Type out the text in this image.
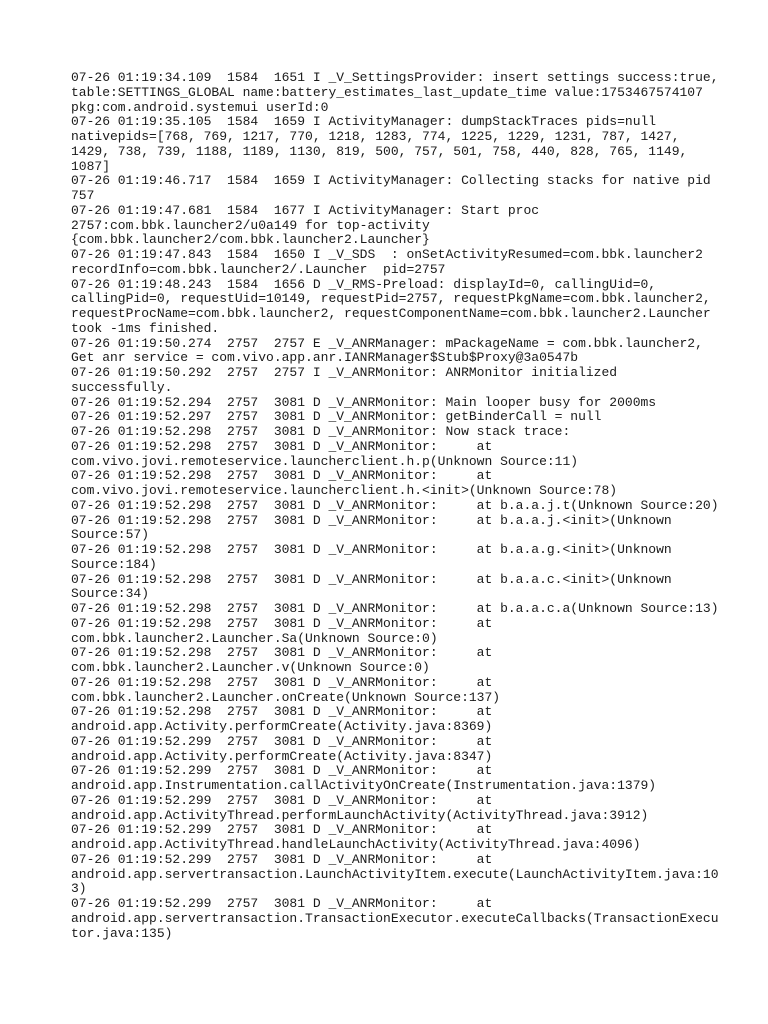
07-26 01:19:34.109  1584  1651 I _V_SettingsProvider: insert settings success:true,
table:SETTINGS_GLOBAL name:battery_estimates_last_update_time value:1753467574107
pkg:com.android.systemui userId:0
07-26 01:19:35.105  1584  1659 I ActivityManager: dumpStackTraces pids=null
nativepids=[768, 769, 1217, 770, 1218, 1283, 774, 1225, 1229, 1231, 787, 1427,
1429, 738, 739, 1188, 1189, 1130, 819, 500, 757, 501, 758, 440, 828, 765, 1149,
1087]
07-26 01:19:46.717  1584  1659 I ActivityManager: Collecting stacks for native pid
757
07-26 01:19:47.681  1584  1677 I ActivityManager: Start proc
2757:com.bbk.launcher2/u0a149 for top-activity
{com.bbk.launcher2/com.bbk.launcher2.Launcher}
07-26 01:19:47.843  1584  1650 I _V_SDS  : onSetActivityResumed=com.bbk.launcher2
recordInfo=com.bbk.launcher2/.Launcher  pid=2757
07-26 01:19:48.243  1584  1656 D _V_RMS-Preload: displayId=0, callingUid=0,
callingPid=0, requestUid=10149, requestPid=2757, requestPkgName=com.bbk.launcher2,
requestProcName=com.bbk.launcher2, requestComponentName=com.bbk.launcher2.Launcher
took -1ms finished.
07-26 01:19:50.274  2757  2757 E _V_ANRManager: mPackageName = com.bbk.launcher2,
Get anr service = com.vivo.app.anr.IANRManager$Stub$Proxy@3a0547b
07-26 01:19:50.292  2757  2757 I _V_ANRMonitor: ANRMonitor initialized
successfully.
07-26 01:19:52.294  2757  3081 D _V_ANRMonitor: Main looper busy for 2000ms
07-26 01:19:52.297  2757  3081 D _V_ANRMonitor: getBinderCall = null
07-26 01:19:52.298  2757  3081 D _V_ANRMonitor: Now stack trace:
07-26 01:19:52.298  2757  3081 D _V_ANRMonitor:     at
com.vivo.jovi.remoteservice.launcherclient.h.p(Unknown Source:11)
07-26 01:19:52.298  2757  3081 D _V_ANRMonitor:     at
com.vivo.jovi.remoteservice.launcherclient.h.<init>(Unknown Source:78)
07-26 01:19:52.298  2757  3081 D _V_ANRMonitor:     at b.a.a.j.t(Unknown Source:20)
07-26 01:19:52.298  2757  3081 D _V_ANRMonitor:     at b.a.a.j.<init>(Unknown
Source:57)
07-26 01:19:52.298  2757  3081 D _V_ANRMonitor:     at b.a.a.g.<init>(Unknown
Source:184)
07-26 01:19:52.298  2757  3081 D _V_ANRMonitor:     at b.a.a.c.<init>(Unknown
Source:34)
07-26 01:19:52.298  2757  3081 D _V_ANRMonitor:     at b.a.a.c.a(Unknown Source:13)
07-26 01:19:52.298  2757  3081 D _V_ANRMonitor:     at
com.bbk.launcher2.Launcher.Sa(Unknown Source:0)
07-26 01:19:52.298  2757  3081 D _V_ANRMonitor:     at
com.bbk.launcher2.Launcher.v(Unknown Source:0)
07-26 01:19:52.298  2757  3081 D _V_ANRMonitor:     at
com.bbk.launcher2.Launcher.onCreate(Unknown Source:137)
07-26 01:19:52.298  2757  3081 D _V_ANRMonitor:     at
android.app.Activity.performCreate(Activity.java:8369)
07-26 01:19:52.299  2757  3081 D _V_ANRMonitor:     at
android.app.Activity.performCreate(Activity.java:8347)
07-26 01:19:52.299  2757  3081 D _V_ANRMonitor:     at
android.app.Instrumentation.callActivityOnCreate(Instrumentation.java:1379)
07-26 01:19:52.299  2757  3081 D _V_ANRMonitor:     at
android.app.ActivityThread.performLaunchActivity(ActivityThread.java:3912)
07-26 01:19:52.299  2757  3081 D _V_ANRMonitor:     at
android.app.ActivityThread.handleLaunchActivity(ActivityThread.java:4096)
07-26 01:19:52.299  2757  3081 D _V_ANRMonitor:     at
android.app.servertransaction.LaunchActivityItem.execute(LaunchActivityItem.java:10
3)
07-26 01:19:52.299  2757  3081 D _V_ANRMonitor:     at
android.app.servertransaction.TransactionExecutor.executeCallbacks(TransactionExecu
tor.java:135)
